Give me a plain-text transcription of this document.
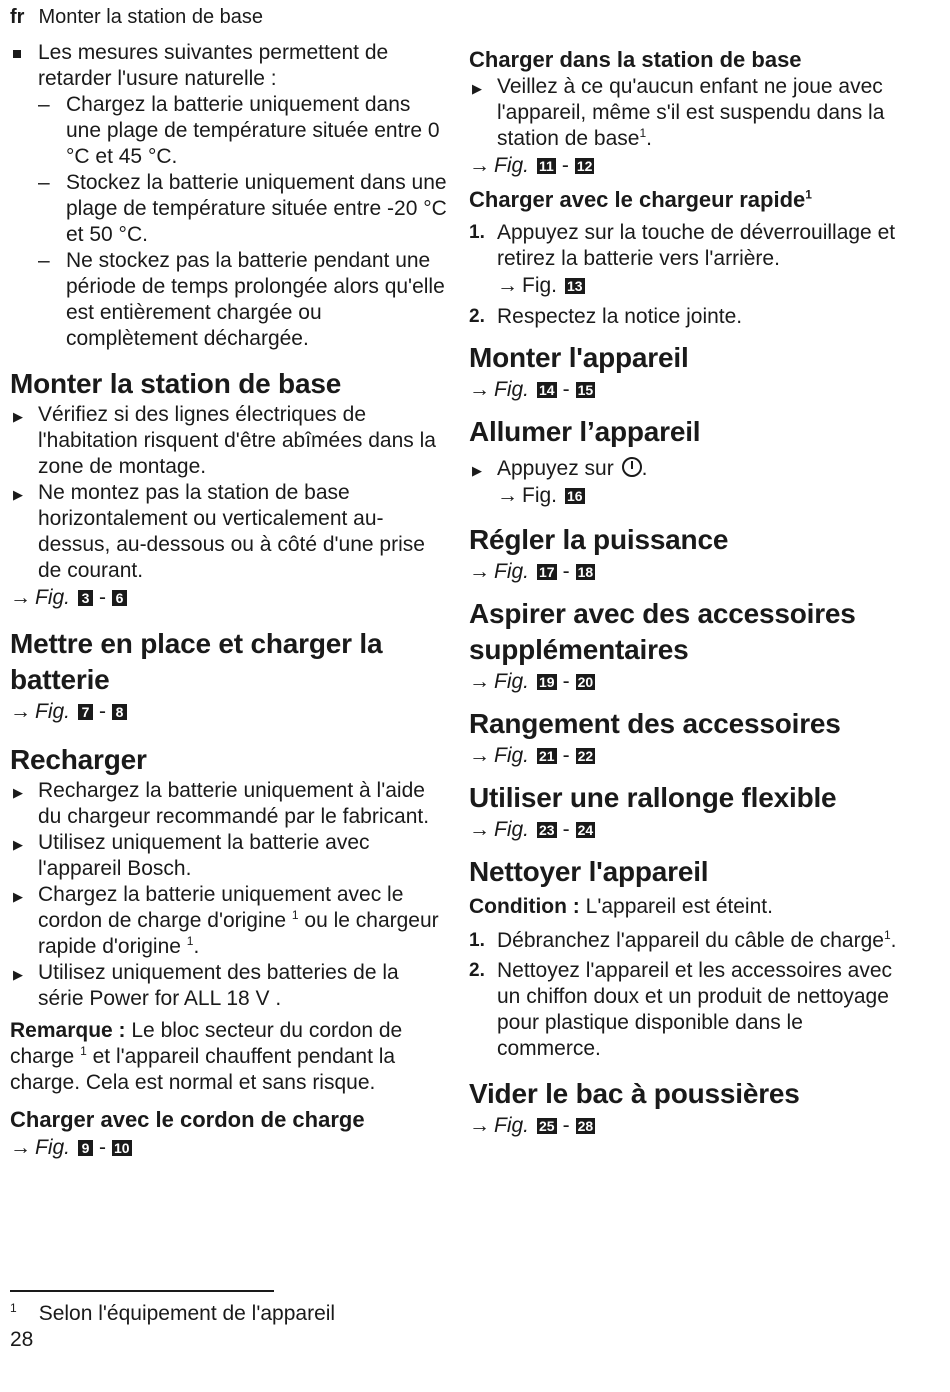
fr Monter la station de base

Les mesures suivantes permettent de retarder l'usure naturelle :

– Chargez la batterie uniquement dans une plage de température située entre 0 °C et 45 °C.
– Stockez la batterie uniquement dans une plage de température située entre -20 °C et 50 °C.
– Ne stockez pas la batterie pendant une période de temps prolongée alors qu'elle est entièrement chargée ou complètement déchargée.
Monter la station de base
▶ Vérifiez si des lignes électriques de l'habitation risquent d'être abîmées dans la zone de montage.
▶ Ne montez pas la station de base horizontalement ou verticalement au-dessus, au-dessous ou à côté d'une prise de courant.
→ Fig. 3 - 6
Mettre en place et charger la batterie
→ Fig. 7 - 8
Recharger
▶ Rechargez la batterie uniquement à l'aide du chargeur recommandé par le fabricant.
▶ Utilisez uniquement la batterie avec l'appareil Bosch.
▶ Chargez la batterie uniquement avec le cordon de charge d'origine $^1$ ou le chargeur rapide d'origine $^1$.
▶ Utilisez uniquement des batteries de la série Power for ALL 18 V .

Remarque : Le bloc secteur du cordon de charge $^1$ et l'appareil chauffent pendant la charge. Cela est normal et sans risque.

Charger avec le cordon de charge
→ Fig. 9 - 10
Charger dans la station de base
▶ Veillez à ce qu'aucun enfant ne joue avec l'appareil, même s'il est suspendu dans la station de base$^1$.
→ Fig. 11 - 12
Charger avec le chargeur rapide$^1$
1. Appuyez sur la touche de déverrouillage et retirez la batterie vers l'arrière.
→ Fig. 13
2. Respectez la notice jointe.
Monter l'appareil
→ Fig. 14 - 15
Allumer l’appareil
▶ Appuyez sur .
→ Fig. 16
Régler la puissance
→ Fig. 17 - 18
Aspirer avec des accessoires supplémentaires
→ Fig. 19 - 20
Rangement des accessoires
→ Fig. 21 - 22
Utiliser une rallonge flexible
→ Fig. 23 - 24
Nettoyer l'appareil

Condition : L'appareil est éteint.

1. Débranchez l'appareil du câble de charge$^1$.
2. Nettoyez l'appareil et les accessoires avec un chiffon doux et un produit de nettoyage pour plastique disponible dans le commerce.
Vider le bac à poussières
→ Fig. 25 - 28
$^1$ Selon l'équipement de l'appareil
28
